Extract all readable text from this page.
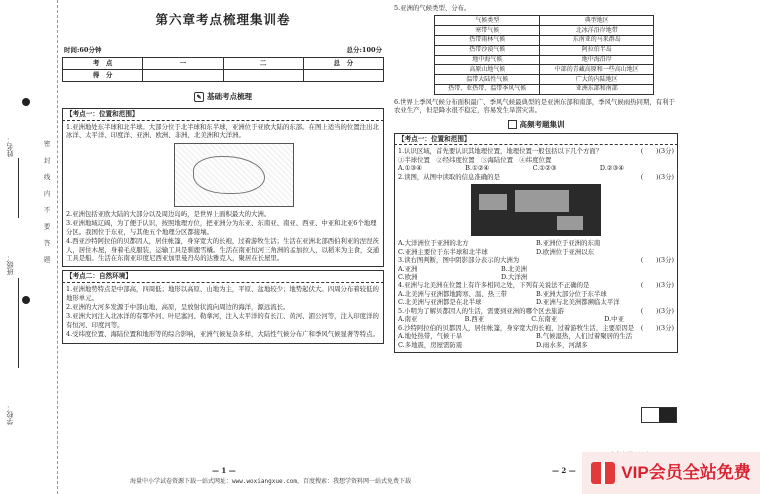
姓名：
班级：
学校：
密 封 线 内 不 要 答 题
第六章考点梳理集训卷
时间:60分钟	总分:100分
考　点	一	二	总　分
得　分			
✎ 基础考点梳理
【考点一：位置和范围】
1.亚洲地处东半球和北半球。大部分位于北半球和东半球，亚洲位于亚欧大陆的东部。在图上适当的位置注出北冰洋、太平洋、印度洋、亚洲、欧洲、非洲、北美洲和大洋洲。
2.亚洲包括亚欧大陆的大部分以及周边岛屿，是世界上面积最大的大洲。
3.亚洲地域辽阔，为了便于认识，按照地理方位，把亚洲分为东亚、东南亚、南亚、西亚、中亚和北亚6个地理分区。我国位于东亚，与其他五个地理分区都接壤。
4.西亚沙特阿拉伯的贝都因人，居住帐篷，身穿宽大的长袍，过着游牧生活；生活在亚洲北部西伯利亚的涅涅茨人，居住木屋，身着毛皮服装，运输工具是驯鹿雪橇。生活在南亚恒河三角洲的孟加拉人，以稻米为主食，交通工具是船。生活在东南亚印度尼西亚加里曼丹岛的达雅克人，聚居在长屋里。
【考点二：自然环境】
1.亚洲地势特点是中部高，四周低；地形以高原、山地为主，平原、盆地较少；地势起伏大。四周分布着较低的地形单元。
2.亚洲的大河多发源于中部山地、高原，呈放射状流向周边的海洋，源远流长。
3.亚洲大河注入北冰洋的有鄂毕河、叶尼塞河、勒拿河，注入太平洋的有长江、黄河、湄公河等，注入印度洋的有恒河、印度河等。
4.受纬度位置、海陆位置和地形等的综合影响，亚洲气候复杂多样，大陆性气候分布广和季风气候显著等特点。
— 1 —
5.亚洲的气候类型、分布。
气候类型	典型地区
寒带气候	北冰洋沿岸地带
热带雨林气候	东南亚的马来群岛
热带沙漠气候	阿拉伯半岛
地中海气候	地中海沿岸
高原山地气候	中部的青藏高原和一些高山地区
温带大陆性气候	广大的内陆地区
热带、亚热带、温带季风气候	亚洲东部和南部
6.世界上季风气候分布面积最广、季风气候最典型的是亚洲东部和南部，季风气候雨热同期，有利于农业生产，但是降水很不稳定，容易发生旱涝灾害。
高频考题集训
【考点一：位置和范围】
1.认识区域，首先要认识其地理位置，地理位置一般包括以下几个方面？	(　　)(3分)
①半球位置　②经纬度位置　③海陆位置　④纬度位置
A.①③④	B.①②④	C.①②③	D.②③④
2.读图，从图中读取的信息准确的是	(　　)(3分)
A.大洋洲位于亚洲的北方	B.亚洲位于亚洲的东南
C.亚洲主要位于东半球和北半球	D.欧洲位于亚洲以东
3.读右图判断，图中阴影部分表示的大洲为	(　　)(3分)
A.亚洲	B.北美洲
C.欧洲	D.大洋洲
4.亚洲与北美洲在位置上有许多相同之处，下列有关说法不正确的是	(　　)(3分)
A.北美洲与亚洲都地跨寒、温、热三带	B.亚洲大部分位于东半球
C.北美洲与亚洲都是在北半球	D.亚洲与北美洲都濒临太平洋
5.小明为了解贝都因人的生活，需要到亚洲的哪个区去旅游	(　　)(3分)
A.南亚	B.西亚	C.东南亚	D.中亚
6.沙特阿拉伯的贝都因人，居住帐篷，身穿宽大的长袍，过着游牧生活，主要原因是 (　　)(3分)
A.地处热带，气候干旱	B.气候湿热，人们过着聚居的生活
C.多地震，房屋需防震	D.雨水多，河湖多
— 2 —
海量中小学试卷资源下载一站式网址：www.woxiangxue.com，百度搜索：我想学资料网一站式免费下载	VIP会员全站免费
